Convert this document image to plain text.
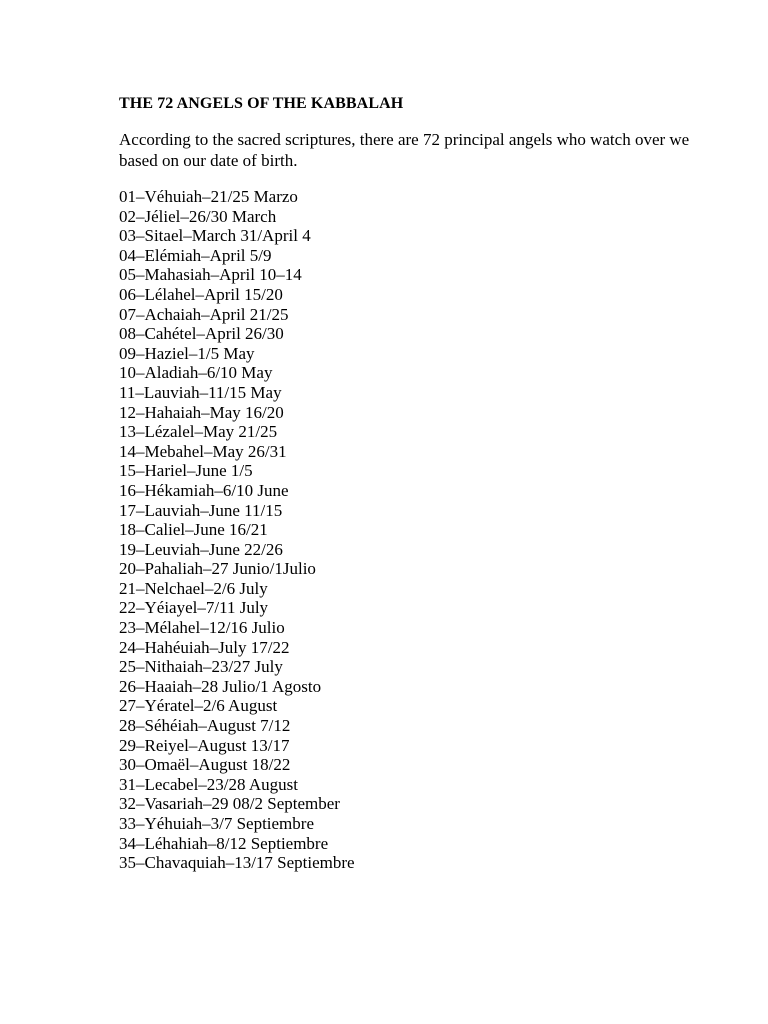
THE 72 ANGELS OF THE KABBALAH

According to the sacred scriptures, there are 72 principal angels who watch over we based on our date of birth.

01–Véhuiah–21/25 Marzo
02–Jéliel–26/30 March
03–Sitael–March 31/April 4
04–Elémiah–April 5/9
05–Mahasiah–April 10–14
06–Lélahel–April 15/20
07–Achaiah–April 21/25
08–Cahétel–April 26/30
09–Haziel–1/5 May
10–Aladiah–6/10 May
11–Lauviah–11/15 May
12–Hahaiah–May 16/20
13–Lézalel–May 21/25
14–Mebahel–May 26/31
15–Hariel–June 1/5
16–Hékamiah–6/10 June
17–Lauviah–June 11/15
18–Caliel–June 16/21
19–Leuviah–June 22/26
20–Pahaliah–27 Junio/1Julio
21–Nelchael–2/6 July
22–Yéiayel–7/11 July
23–Mélahel–12/16 Julio
24–Hahéuiah–July 17/22
25–Nithaiah–23/27 July
26–Haaiah–28 Julio/1 Agosto
27–Yératel–2/6 August
28–Séhéiah–August 7/12
29–Reiyel–August 13/17
30–Omaël–August 18/22
31–Lecabel–23/28 August
32–Vasariah–29 08/2 September
33–Yéhuiah–3/7 Septiembre
34–Léhahiah–8/12 Septiembre
35–Chavaquiah–13/17 Septiembre
